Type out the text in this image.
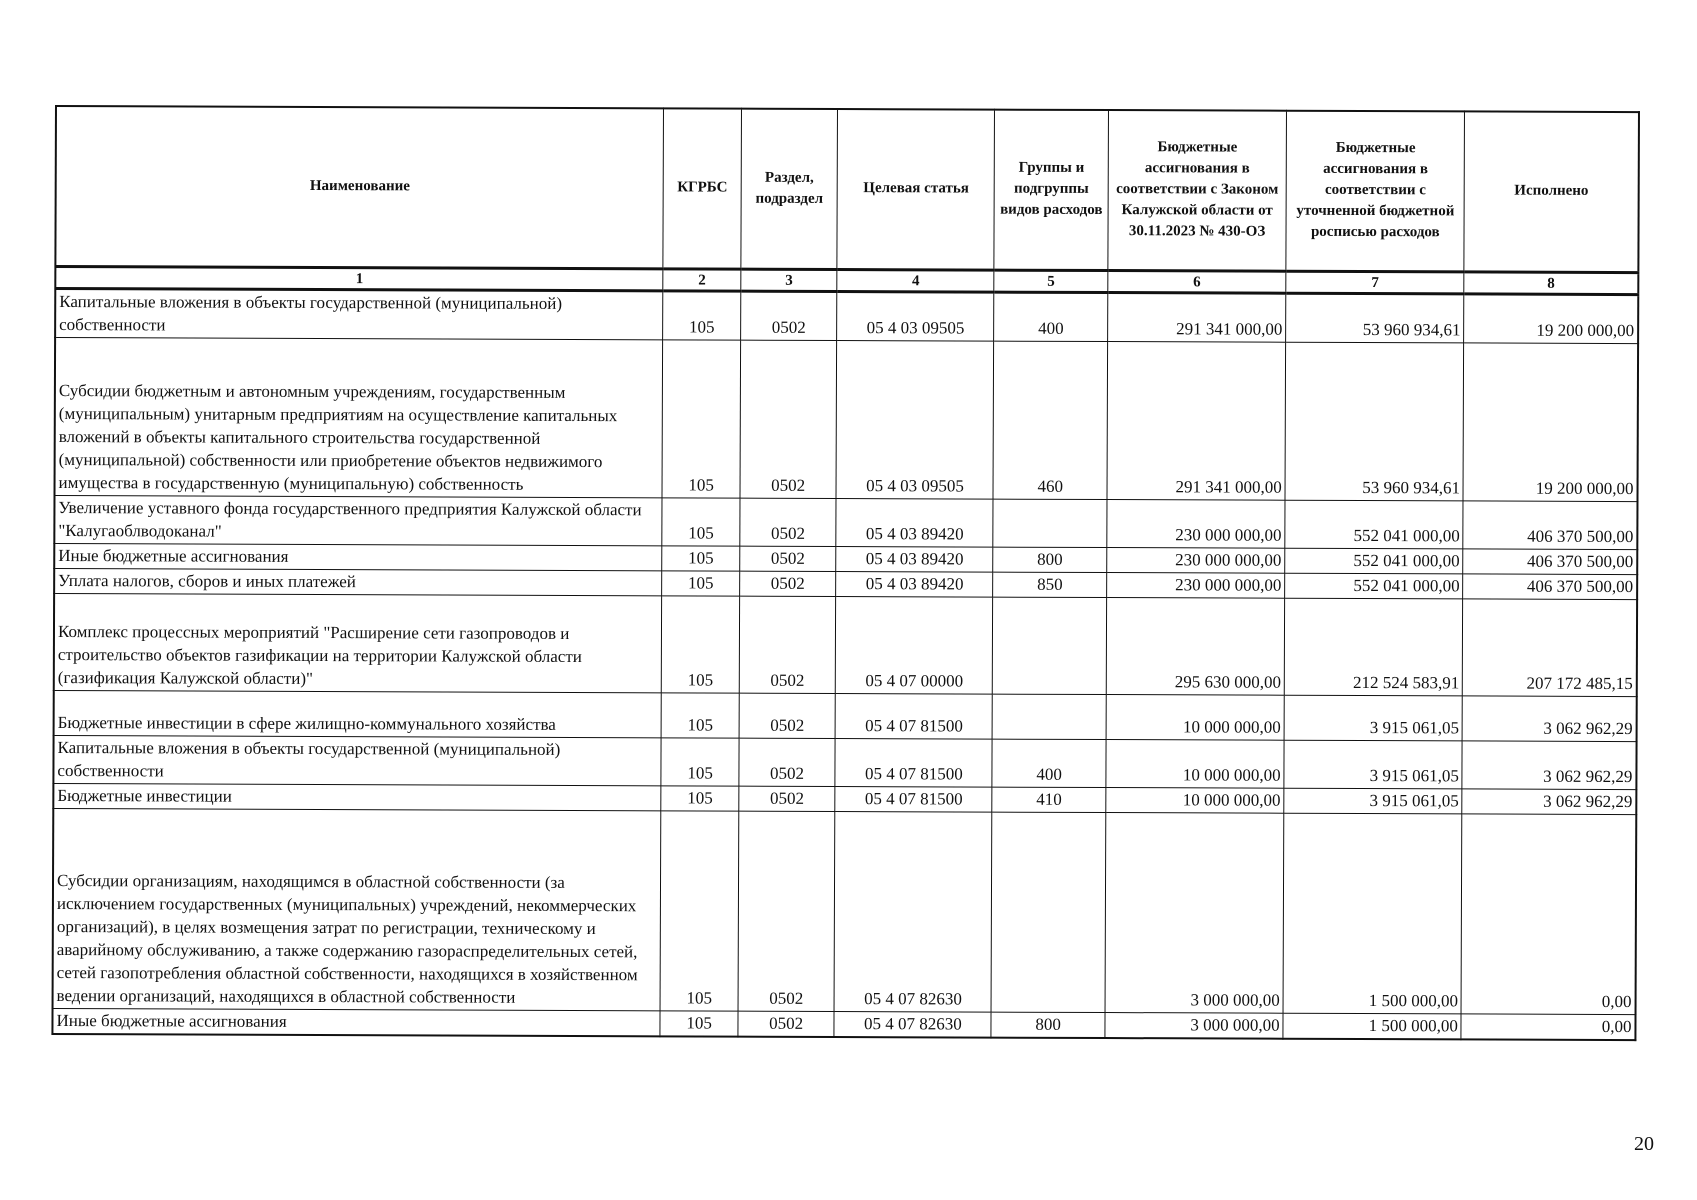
Наименование	КГРБС	Раздел, подраздел	Целевая статья	Группы и подгруппы видов расходов	Бюджетные ассигнования в соответствии с Законом Калужской области от 30.11.2023 № 430-ОЗ	Бюджетные ассигнования в соответствии с уточненной бюджетной росписью расходов	Исполнено
1	2	3	4	5	6	7	8
Капитальные вложения в объекты государственной (муниципальной) собственности	105	0502	05 4 03 09505	400	291 341 000,00	53 960 934,61	19 200 000,00
Субсидии бюджетным и автономным учреждениям, государственным (муниципальным) унитарным предприятиям на осуществление капитальных вложений в объекты капитального строительства государственной (муниципальной) собственности или приобретение объектов недвижимого имущества в государственную (муниципальную) собственность	105	0502	05 4 03 09505	460	291 341 000,00	53 960 934,61	19 200 000,00
Увеличение уставного фонда государственного предприятия Калужской области "Калугаоблводоканал"	105	0502	05 4 03 89420		230 000 000,00	552 041 000,00	406 370 500,00
Иные бюджетные ассигнования	105	0502	05 4 03 89420	800	230 000 000,00	552 041 000,00	406 370 500,00
Уплата налогов, сборов и иных платежей	105	0502	05 4 03 89420	850	230 000 000,00	552 041 000,00	406 370 500,00
Комплекс процессных мероприятий "Расширение сети газопроводов и строительство объектов газификации на территории Калужской области (газификация Калужской области)"	105	0502	05 4 07 00000		295 630 000,00	212 524 583,91	207 172 485,15
Бюджетные инвестиции в сфере жилищно-коммунального хозяйства	105	0502	05 4 07 81500		10 000 000,00	3 915 061,05	3 062 962,29
Капитальные вложения в объекты государственной (муниципальной) собственности	105	0502	05 4 07 81500	400	10 000 000,00	3 915 061,05	3 062 962,29
Бюджетные инвестиции	105	0502	05 4 07 81500	410	10 000 000,00	3 915 061,05	3 062 962,29
Субсидии организациям, находящимся в областной собственности (за исключением государственных (муниципальных) учреждений, некоммерческих организаций), в целях возмещения затрат по регистрации, техническому и аварийному обслуживанию, а также содержанию газораспределительных сетей, сетей газопотребления областной собственности, находящихся в хозяйственном ведении организаций, находящихся в областной собственности	105	0502	05 4 07 82630		3 000 000,00	1 500 000,00	0,00
Иные бюджетные ассигнования	105	0502	05 4 07 82630	800	3 000 000,00	1 500 000,00	0,00
20
